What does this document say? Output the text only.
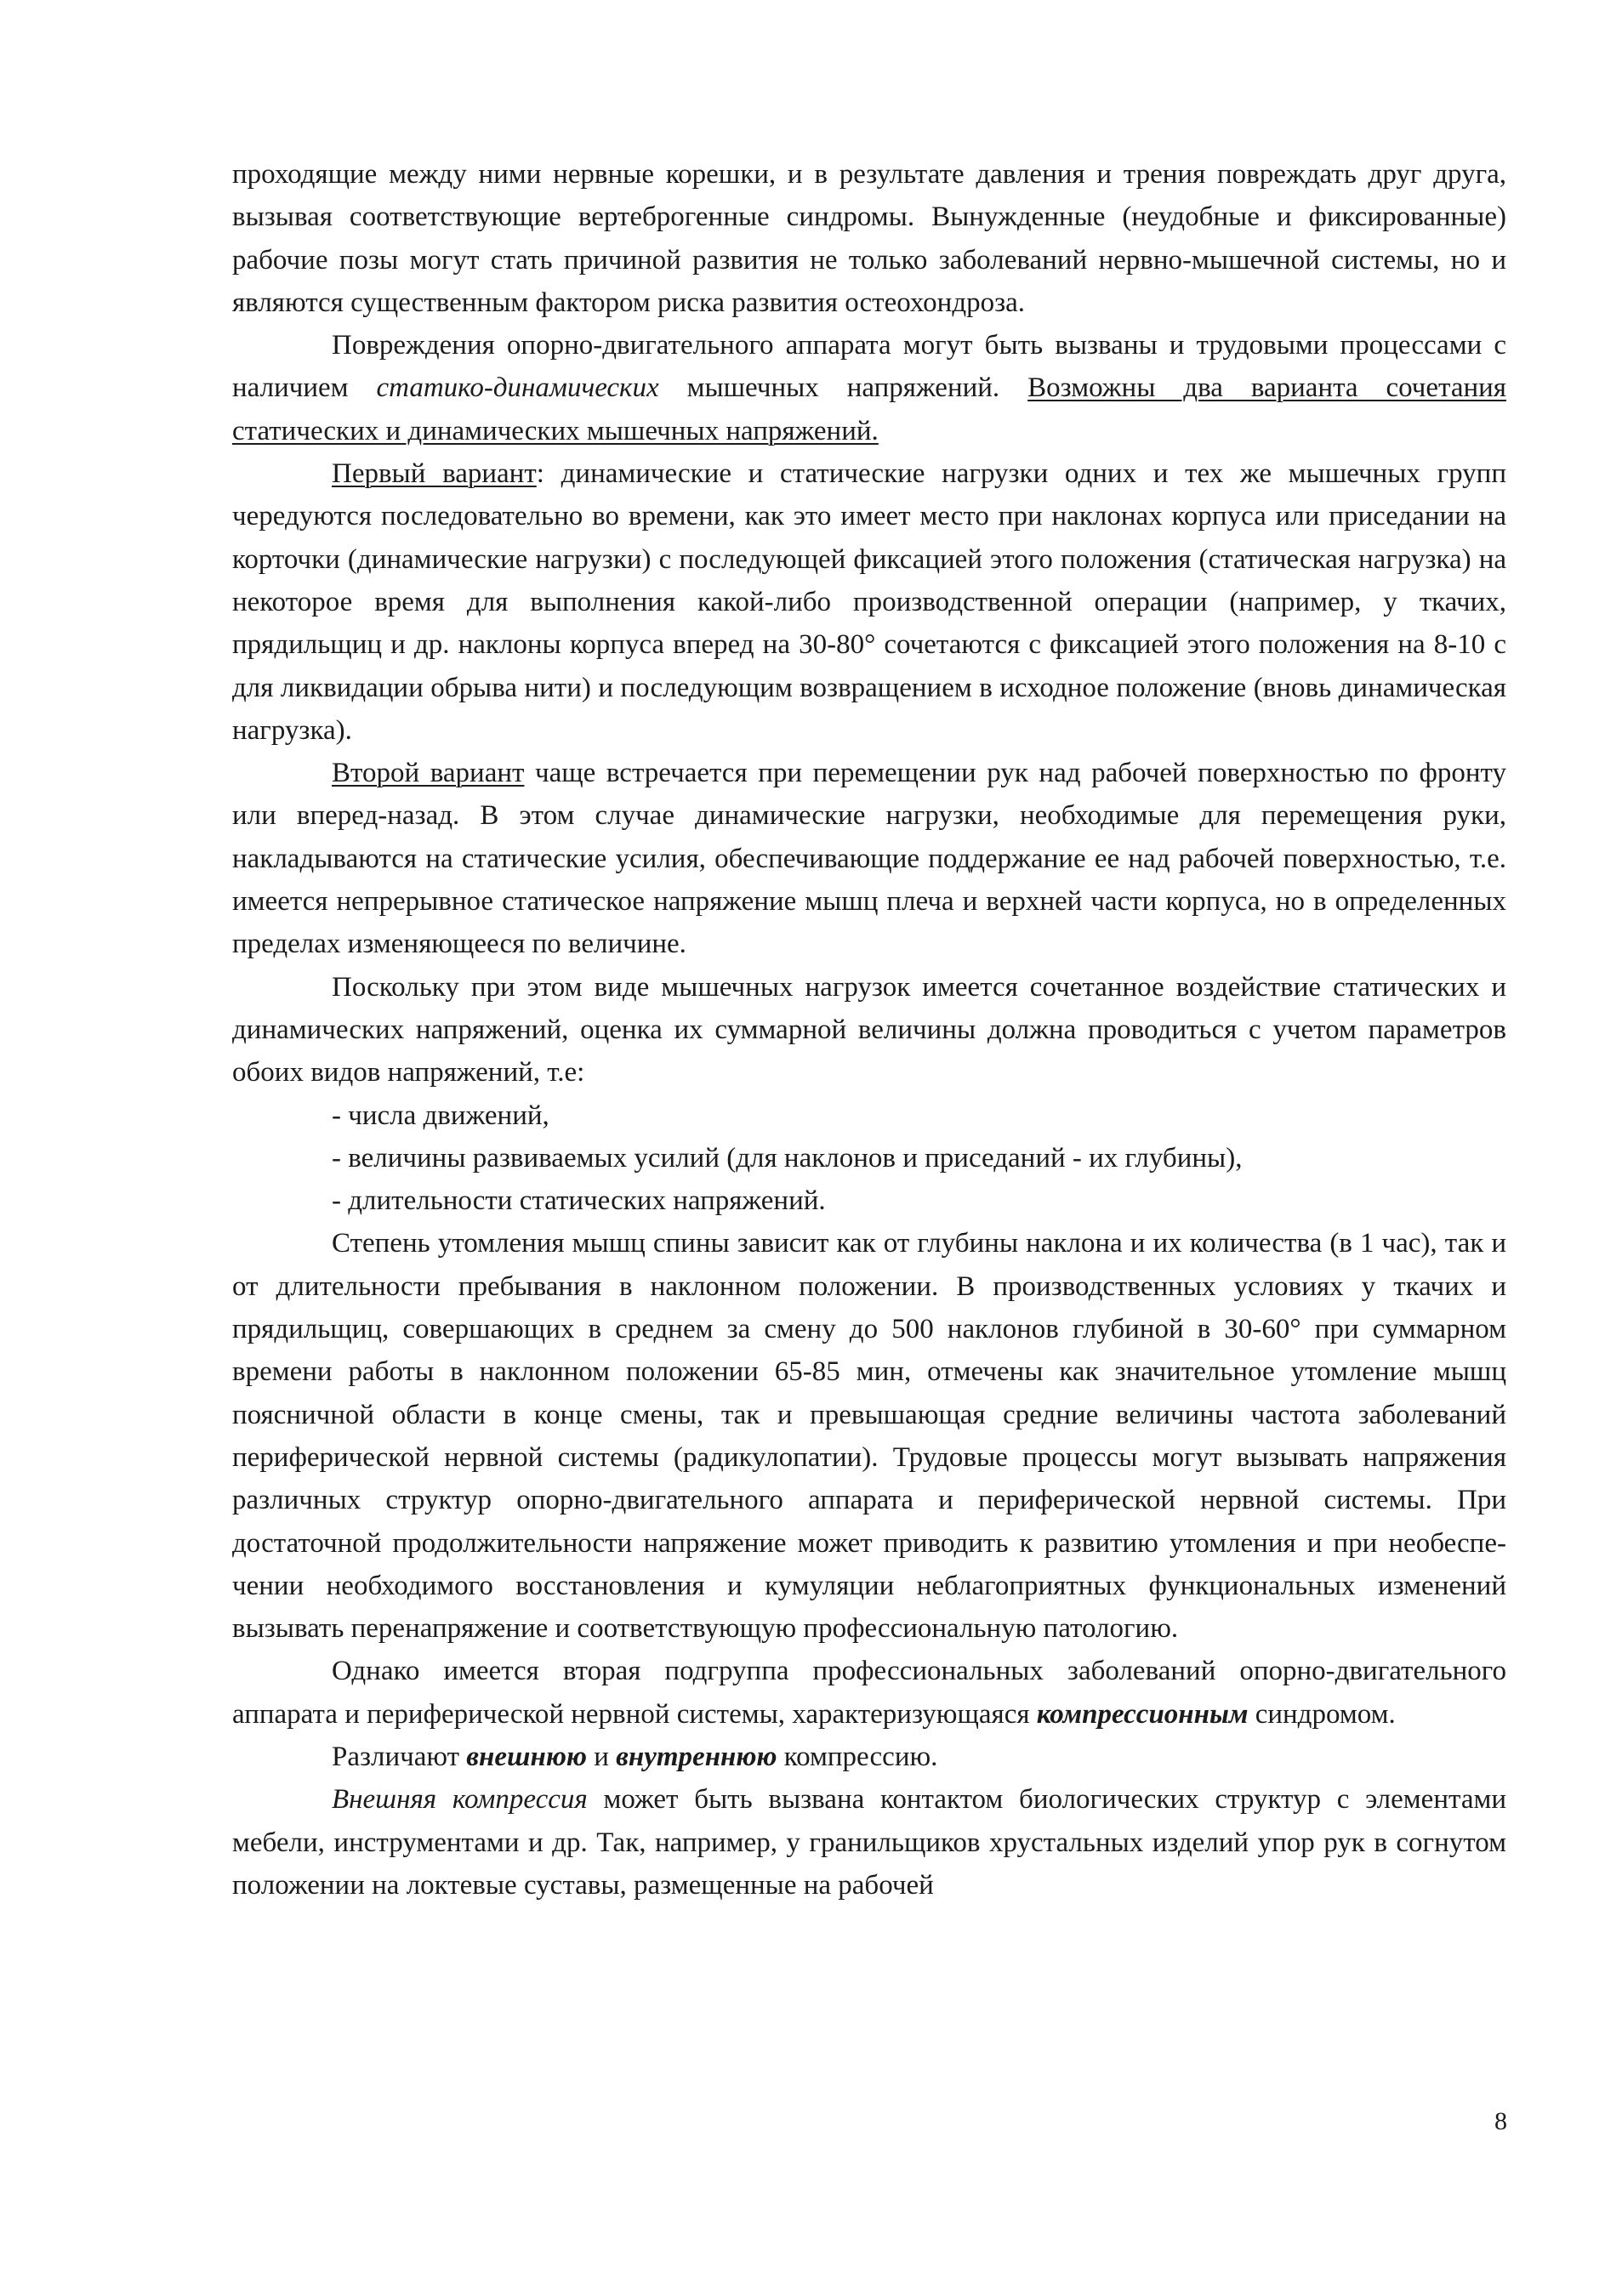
проходящие между ними нервные корешки, и в результате давления и трения повреждать друг друга, вызывая соответствующие вертеброгенные синдромы. Вынужденные (неудобные и фиксированные) рабочие позы могут стать причиной развития не только заболеваний нервно-мышечной системы, но и являются существенным фактором риска развития остеохондроза.

Повреждения опорно-двигательного аппарата могут быть вызваны и трудовыми процессами с наличием статико-динамических мышечных напряжений. Возможны два варианта сочетания статических и динамических мышечных напряжений.

Первый вариант: динамические и статические нагрузки одних и тех же мышечных групп чередуются последовательно во времени, как это имеет место при наклонах корпуса или приседании на корточки (динамические нагрузки) с последующей фиксацией этого положения (статическая нагрузка) на некоторое время для выполнения какой-либо производственной операции (например, у ткачих, прядильщиц и др. наклоны корпуса вперед на 30-80° сочетаются с фиксацией этого положения на 8-10 с для ликвидации обрыва нити) и последующим возвращением в исходное положение (вновь динамическая нагрузка).

Второй вариант чаще встречается при перемещении рук над рабочей поверхностью по фронту или вперед-назад. В этом случае динамические нагрузки, необходимые для перемещения руки, накладываются на статические усилия, обеспечивающие поддержание ее над рабочей поверхностью, т.е. имеется непрерывное статическое напряжение мышц плеча и верхней части корпуса, но в определенных пределах изменяющееся по величине.

Поскольку при этом виде мышечных нагрузок имеется сочетанное воздействие статических и динамических напряжений, оценка их суммарной величины должна проводиться с учетом параметров обоих видов напряжений, т.е:

- числа движений,

- величины развиваемых усилий (для наклонов и приседаний - их глубины),

- длительности статических напряжений.

Степень утомления мышц спины зависит как от глубины наклона и их количества (в 1 час), так и от длительности пребывания в наклонном положении. В производственных условиях у ткачих и прядильщиц, совершающих в среднем за смену до 500 наклонов глубиной в 30-60° при суммарном времени работы в наклонном положении 65-85 мин, отмечены как значительное утомление мышц поясничной области в конце смены, так и превышающая средние величины частота заболеваний периферической нервной системы (радикулопатии). Трудовые процессы могут вызывать напряжения различных структур опорно-двигательного аппарата и периферической нервной системы. При достаточной продолжительности напряжение может приводить к развитию утомления и при необеспечении необходимого восстановления и кумуляции неблагоприятных функциональных изменений вызывать перенапряжение и соответствующую профессиональную патологию.

Однако имеется вторая подгруппа профессиональных заболеваний опорно-двигательного аппарата и периферической нервной системы, характеризующаяся компрессионным синдромом.

Различают внешнюю и внутреннюю компрессию.

Внешняя компрессия может быть вызвана контактом биологических структур с элементами мебели, инструментами и др. Так, например, у гранильщиков хрустальных изделий упор рук в согнутом положении на локтевые суставы, размещенные на рабочей

8
